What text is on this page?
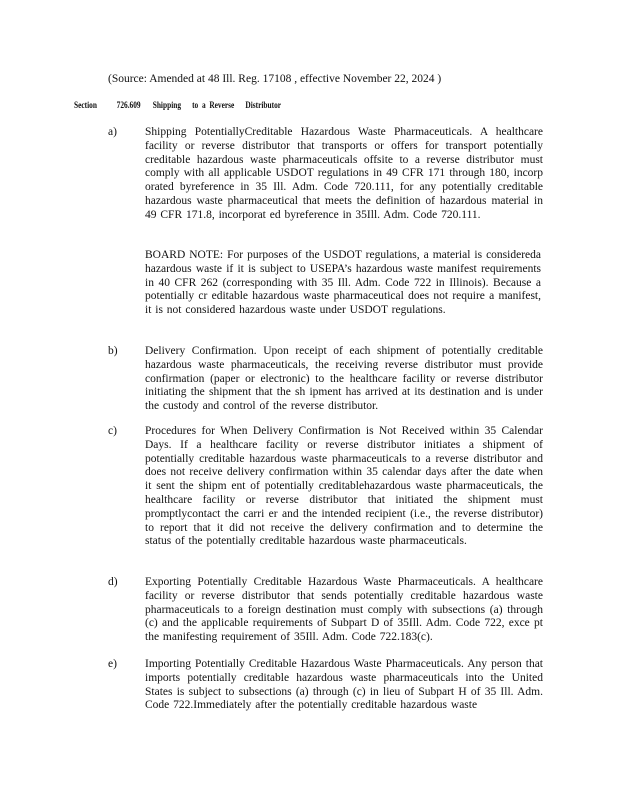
(Source: Amended at 48 Ill. Reg. 17108 , effective November 22, 2024 )
Section 726.609 Shipping      to  a  Reverse      Distributor
a) Shipping PotentiallyCreditable Hazardous Waste Pharmaceuticals. A healthcare facility or reverse distributor that transports or offers for transport potentially creditable hazardous waste pharmaceuticals offsite to a reverse distributor must comply with all applicable USDOT regulations in 49 CFR 171 through 180, incorp orated byreference in 35 Ill. Adm. Code 720.111, for any potentially creditable hazardous waste pharmaceutical that meets the definition of hazardous material in 49 CFR 171.8, incorporat ed byreference in 35Ill. Adm. Code 720.111.
BOARD NOTE: For purposes of the USDOT regulations, a material is considereda hazardous waste if it is subject to USEPA’s hazardous waste manifest requirements in 40 CFR 262 (corresponding with 35 Ill. Adm. Code 722 in Illinois). Because a potentially cr editable hazardous waste pharmaceutical does not require a manifest, it is not considered hazardous waste under USDOT regulations.
b) Delivery Confirmation. Upon receipt of each shipment of potentially creditable hazardous waste pharmaceuticals, the receiving reverse distributor must provide confirmation (paper or electronic) to the healthcare facility or reverse distributor initiating the shipment that the sh ipment has arrived at its destination and is under the custody and control of the reverse distributor.
c) Procedures for When Delivery Confirmation is Not Received within 35 Calendar Days. If a healthcare facility or reverse distributor initiates a shipment of potentially creditable hazardous waste pharmaceuticals to a reverse distributor and does not receive delivery confirmation within 35 calendar days after the date when it sent the shipm ent of potentially creditablehazardous waste pharmaceuticals, the healthcare facility or reverse distributor that initiated the shipment must promptlycontact the carri er and the intended recipient (i.e., the reverse distributor) to report that it did not receive the delivery confirmation and to determine the status of the potentially creditable hazardous waste pharmaceuticals.
d) Exporting Potentially Creditable Hazardous Waste Pharmaceuticals. A healthcare facility or reverse distributor that sends potentially creditable hazardous waste pharmaceuticals to a foreign destination must comply with subsections (a) through (c) and the applicable requirements of Subpart D of 35Ill. Adm. Code 722, exce pt the manifesting requirement of 35Ill. Adm. Code 722.183(c).
e) Importing Potentially Creditable Hazardous Waste Pharmaceuticals. Any person that imports potentially creditable hazardous waste pharmaceuticals into the United States is subject to subsections (a) through (c) in lieu of Subpart H of 35 Ill. Adm. Code 722.Immediately after the potentially creditable hazardous waste
